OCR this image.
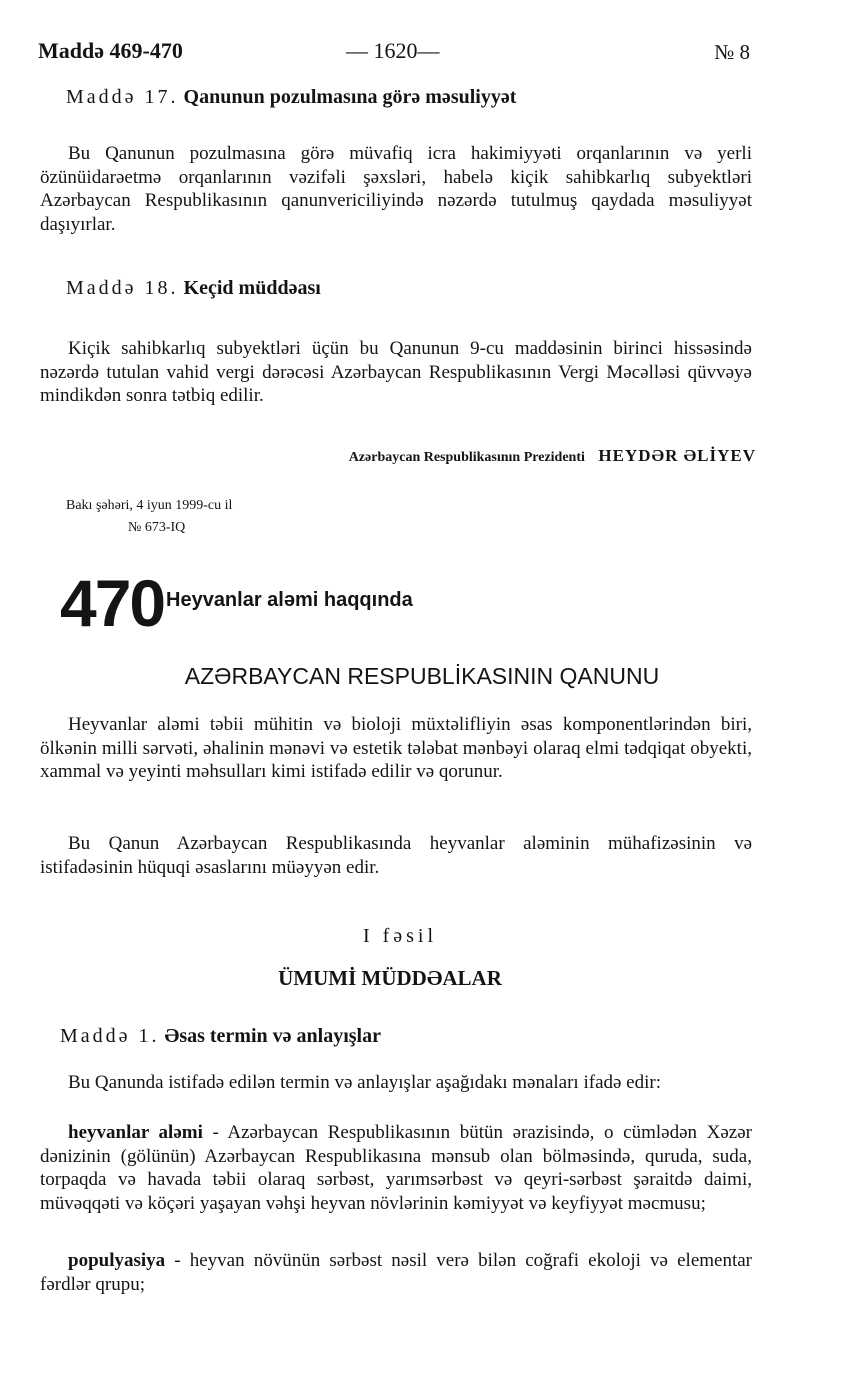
Maddə 469-470	— 1620—	№ 8
Maddə 17. Qanunun pozulmasına görə məsuliyyət

Bu Qanunun pozulmasına görə müvafiq icra hakimiyyəti orqanlarının və yerli özünüidarəetmə orqanlarının vəzifəli şəxsləri, habelə kiçik sahibkarlıq subyektləri Azərbaycan Respublikasının qanunvericiliyində nəzərdə tutulmuş qaydada məsuliyyət daşıyırlar.

Maddə 18. Keçid müddəası

Kiçik sahibkarlıq subyektləri üçün bu Qanunun 9-cu maddəsinin birinci hissəsində nəzərdə tutulan vahid vergi dərəcəsi Azərbaycan Respublikasının Vergi Məcəlləsi qüvvəyə mindikdən sonra tətbiq edilir.

Azərbaycan Respublikasının Prezidenti HEYDƏR ƏLİYEV
Bakı şəhəri, 4 iyun 1999-cu il
№ 673-IQ
470 Heyvanlar aləmi haqqında
AZƏRBAYCAN RESPUBLİKASININ QANUNU

Heyvanlar aləmi təbii mühitin və bioloji müxtəlifliyin əsas komponentlərindən biri, ölkənin milli sərvəti, əhalinin mənəvi və estetik tələbat mənbəyi olaraq elmi tədqiqat obyekti, xammal və yeyinti məhsulları kimi istifadə edilir və qorunur.

Bu Qanun Azərbaycan Respublikasında heyvanlar aləminin mühafizəsinin və istifadəsinin hüquqi əsaslarını müəyyən edir.

I fəsil
ÜMUMİ MÜDDƏALAR
Maddə 1. Əsas termin və anlayışlar

Bu Qanunda istifadə edilən termin və anlayışlar aşağıdakı mənaları ifadə edir:

heyvanlar aləmi - Azərbaycan Respublikasının bütün ərazisində, o cümlədən Xəzər dənizinin (gölünün) Azərbaycan Respublikasına mənsub olan bölməsində, quruda, suda, torpaqda və havada təbii olaraq sərbəst, yarımsərbəst və qeyri-sərbəst şəraitdə daimi, müvəqqəti və köçəri yaşayan vəhşi heyvan növlərinin kəmiyyət və keyfiyyət məcmusu;

populyasiya - heyvan növünün sərbəst nəsil verə bilən coğrafi ekoloji və elementar fərdlər qrupu;
